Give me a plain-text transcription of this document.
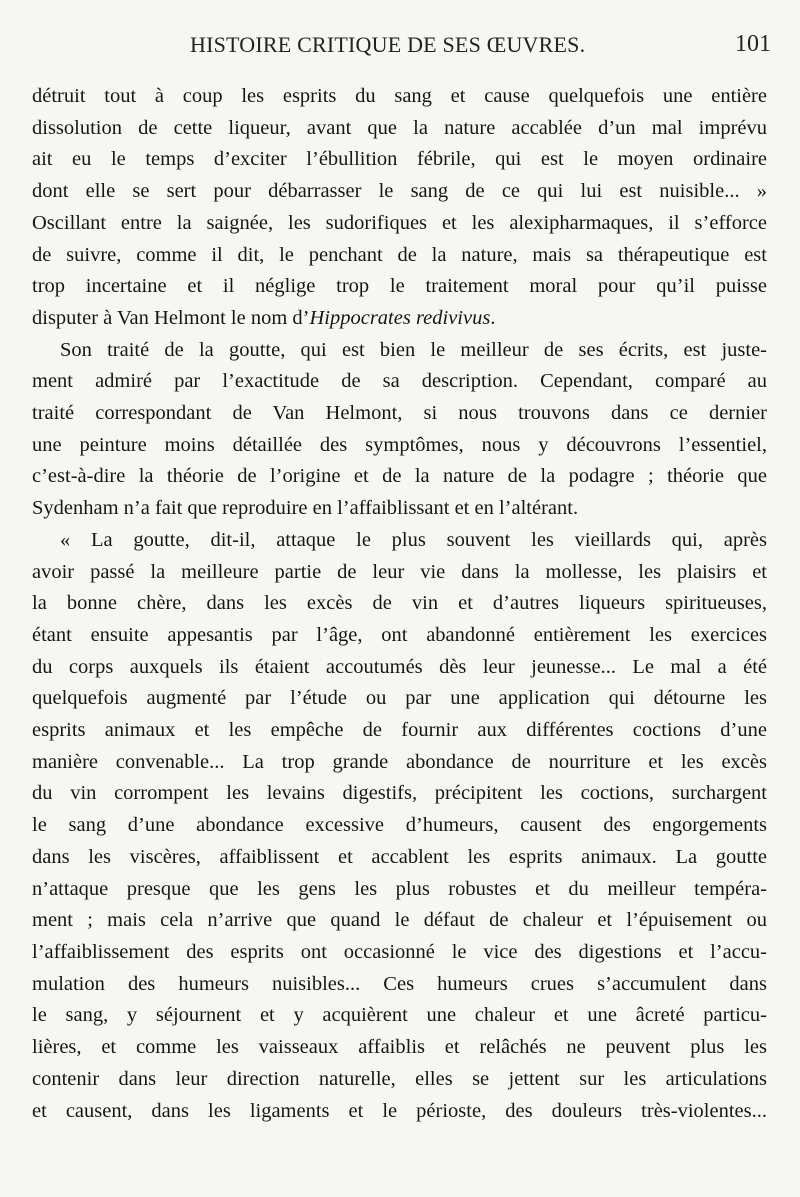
HISTOIRE CRITIQUE DE SES ŒUVRES.	101
détruit tout à coup les esprits du sang et cause quelquefois une entière
dissolution de cette liqueur, avant que la nature accablée d’un mal imprévu
ait eu le temps d’exciter l’ébullition fébrile, qui est le moyen ordinaire
dont elle se sert pour débarrasser le sang de ce qui lui est nuisible... »
Oscillant entre la saignée, les sudorifiques et les alexipharmaques, il s’efforce
de suivre, comme il dit, le penchant de la nature, mais sa thérapeutique est
trop incertaine et il néglige trop le traitement moral pour qu’il puisse
disputer à Van Helmont le nom d’Hippocrates redivivus.
Son traité de la goutte, qui est bien le meilleur de ses écrits, est juste-
ment admiré par l’exactitude de sa description. Cependant, comparé au
traité correspondant de Van Helmont, si nous trouvons dans ce dernier
une peinture moins détaillée des symptômes, nous y découvrons l’essentiel,
c’est-à-dire la théorie de l’origine et de la nature de la podagre ; théorie que
Sydenham n’a fait que reproduire en l’affaiblissant et en l’altérant.
« La goutte, dit-il, attaque le plus souvent les vieillards qui, après
avoir passé la meilleure partie de leur vie dans la mollesse, les plaisirs et
la bonne chère, dans les excès de vin et d’autres liqueurs spiritueuses,
étant ensuite appesantis par l’âge, ont abandonné entièrement les exercices
du corps auxquels ils étaient accoutumés dès leur jeunesse... Le mal a été
quelquefois augmenté par l’étude ou par une application qui détourne les
esprits animaux et les empêche de fournir aux différentes coctions d’une
manière convenable... La trop grande abondance de nourriture et les excès
du vin corrompent les levains digestifs, précipitent les coctions, surchargent
le sang d’une abondance excessive d’humeurs, causent des engorgements
dans les viscères, affaiblissent et accablent les esprits animaux. La goutte
n’attaque presque que les gens les plus robustes et du meilleur tempéra-
ment ; mais cela n’arrive que quand le défaut de chaleur et l’épuisement ou
l’affaiblissement des esprits ont occasionné le vice des digestions et l’accu-
mulation des humeurs nuisibles... Ces humeurs crues s’accumulent dans
le sang, y séjournent et y acquièrent une chaleur et une âcreté particu-
lières, et comme les vaisseaux affaiblis et relâchés ne peuvent plus les
contenir dans leur direction naturelle, elles se jettent sur les articulations
et causent, dans les ligaments et le périoste, des douleurs très-violentes...
